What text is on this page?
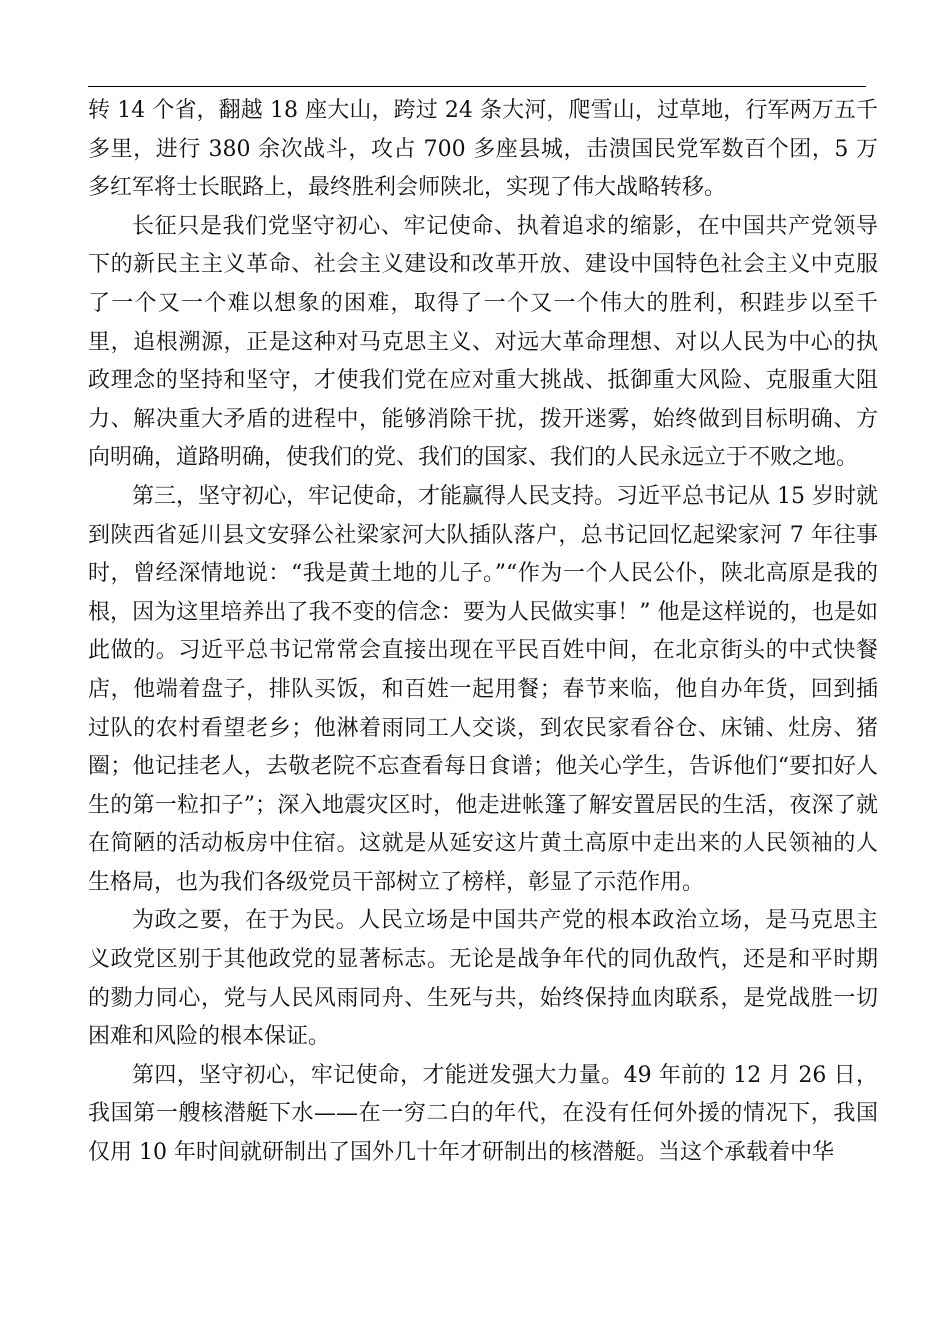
转 14 个省，翻越 18 座大山，跨过 24 条大河，爬雪山，过草地，行军两万五千多里，进行 380 余次战斗，攻占 700 多座县城，击溃国民党军数百个团，5 万多红军将士长眠路上，最终胜利会师陕北，实现了伟大战略转移。

长征只是我们党坚守初心、牢记使命、执着追求的缩影，在中国共产党领导下的新民主主义革命、社会主义建设和改革开放、建设中国特色社会主义中克服了一个又一个难以想象的困难，取得了一个又一个伟大的胜利，积跬步以至千里，追根溯源，正是这种对马克思主义、对远大革命理想、对以人民为中心的执政理念的坚持和坚守，才使我们党在应对重大挑战、抵御重大风险、克服重大阻力、解决重大矛盾的进程中，能够消除干扰，拨开迷雾，始终做到目标明确、方向明确，道路明确，使我们的党、我们的国家、我们的人民永远立于不败之地。

第三，坚守初心，牢记使命，才能赢得人民支持。习近平总书记从 15 岁时就到陕西省延川县文安驿公社梁家河大队插队落户，总书记回忆起梁家河 7 年往事时，曾经深情地说：“我是黄土地的儿子。”“作为一个人民公仆，陕北高原是我的根，因为这里培养出了我不变的信念：要为人民做实事！” 他是这样说的，也是如此做的。习近平总书记常常会直接出现在平民百姓中间，在北京街头的中式快餐店，他端着盘子，排队买饭，和百姓一起用餐；春节来临，他自办年货，回到插过队的农村看望老乡；他淋着雨同工人交谈，到农民家看谷仓、床铺、灶房、猪圈；他记挂老人，去敬老院不忘查看每日食谱；他关心学生，告诉他们“要扣好人生的第一粒扣子”；深入地震灾区时，他走进帐篷了解安置居民的生活，夜深了就在简陋的活动板房中住宿。这就是从延安这片黄土高原中走出来的人民领袖的人生格局，也为我们各级党员干部树立了榜样，彰显了示范作用。

为政之要，在于为民。人民立场是中国共产党的根本政治立场，是马克思主义政党区别于其他政党的显著标志。无论是战争年代的同仇敌忾，还是和平时期的勠力同心，党与人民风雨同舟、生死与共，始终保持血肉联系，是党战胜一切困难和风险的根本保证。

第四，坚守初心，牢记使命，才能迸发强大力量。49 年前的 12 月 26 日，我国第一艘核潜艇下水——在一穷二白的年代，在没有任何外援的情况下，我国仅用 10 年时间就研制出了国外几十年才研制出的核潜艇。当这个承载着中华
